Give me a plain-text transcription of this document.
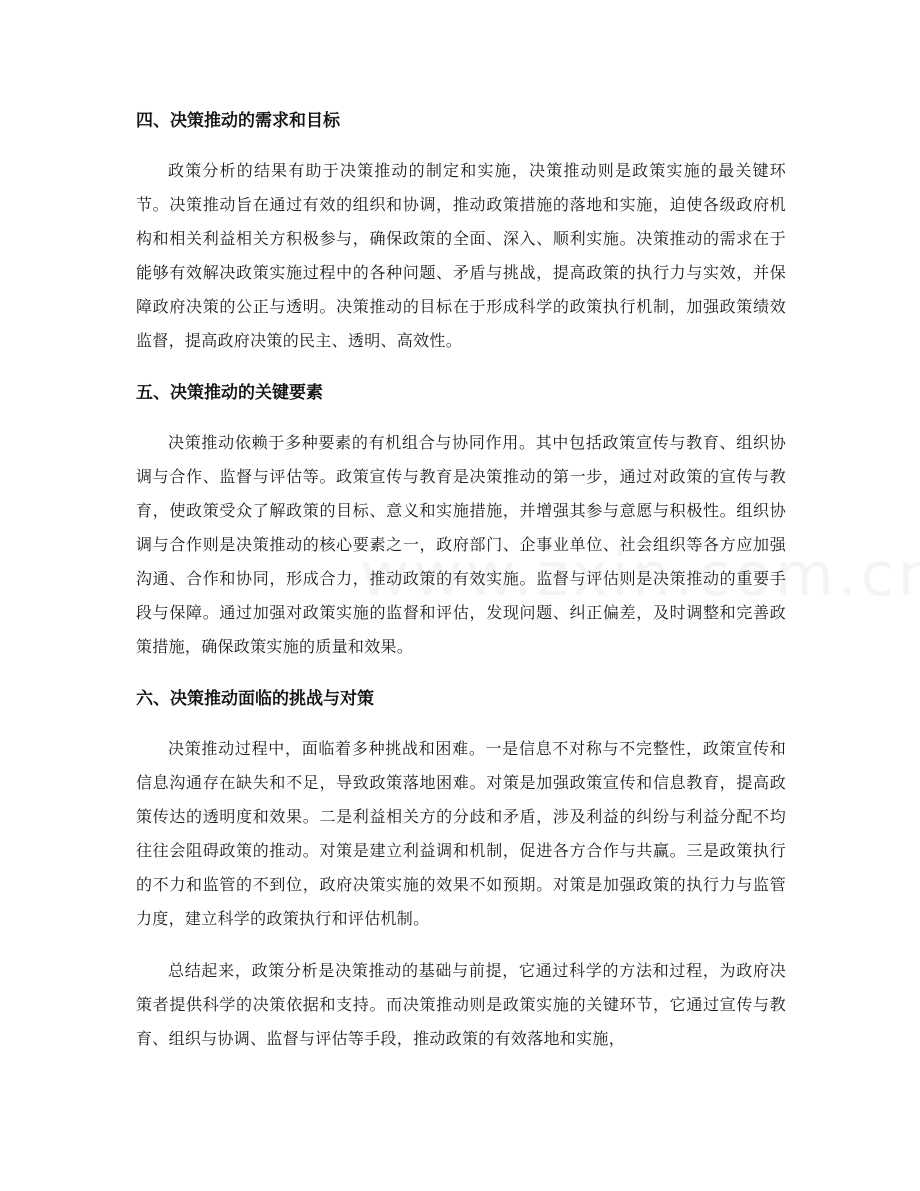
四、决策推动的需求和目标

政策分析的结果有助于决策推动的制定和实施，决策推动则是政策实施的最关键环节。决策推动旨在通过有效的组织和协调，推动政策措施的落地和实施，迫使各级政府机构和相关利益相关方积极参与，确保政策的全面、深入、顺利实施。决策推动的需求在于能够有效解决政策实施过程中的各种问题、矛盾与挑战，提高政策的执行力与实效，并保障政府决策的公正与透明。决策推动的目标在于形成科学的政策执行机制，加强政策绩效监督，提高政府决策的民主、透明、高效性。

五、决策推动的关键要素

决策推动依赖于多种要素的有机组合与协同作用。其中包括政策宣传与教育、组织协调与合作、监督与评估等。政策宣传与教育是决策推动的第一步，通过对政策的宣传与教育，使政策受众了解政策的目标、意义和实施措施，并增强其参与意愿与积极性。组织协调与合作则是决策推动的核心要素之一，政府部门、企事业单位、社会组织等各方应加强沟通、合作和协同，形成合力，推动政策的有效实施。监督与评估则是决策推动的重要手段与保障。通过加强对政策实施的监督和评估，发现问题、纠正偏差，及时调整和完善政策措施，确保政策实施的质量和效果。

六、决策推动面临的挑战与对策

决策推动过程中，面临着多种挑战和困难。一是信息不对称与不完整性，政策宣传和信息沟通存在缺失和不足，导致政策落地困难。对策是加强政策宣传和信息教育，提高政策传达的透明度和效果。二是利益相关方的分歧和矛盾，涉及利益的纠纷与利益分配不均往往会阻碍政策的推动。对策是建立利益调和机制，促进各方合作与共赢。三是政策执行的不力和监管的不到位，政府决策实施的效果不如预期。对策是加强政策的执行力与监管力度，建立科学的政策执行和评估机制。

总结起来，政策分析是决策推动的基础与前提，它通过科学的方法和过程，为政府决策者提供科学的决策依据和支持。而决策推动则是政策实施的关键环节，它通过宣传与教育、组织与协调、监督与评估等手段，推动政策的有效落地和实施，
